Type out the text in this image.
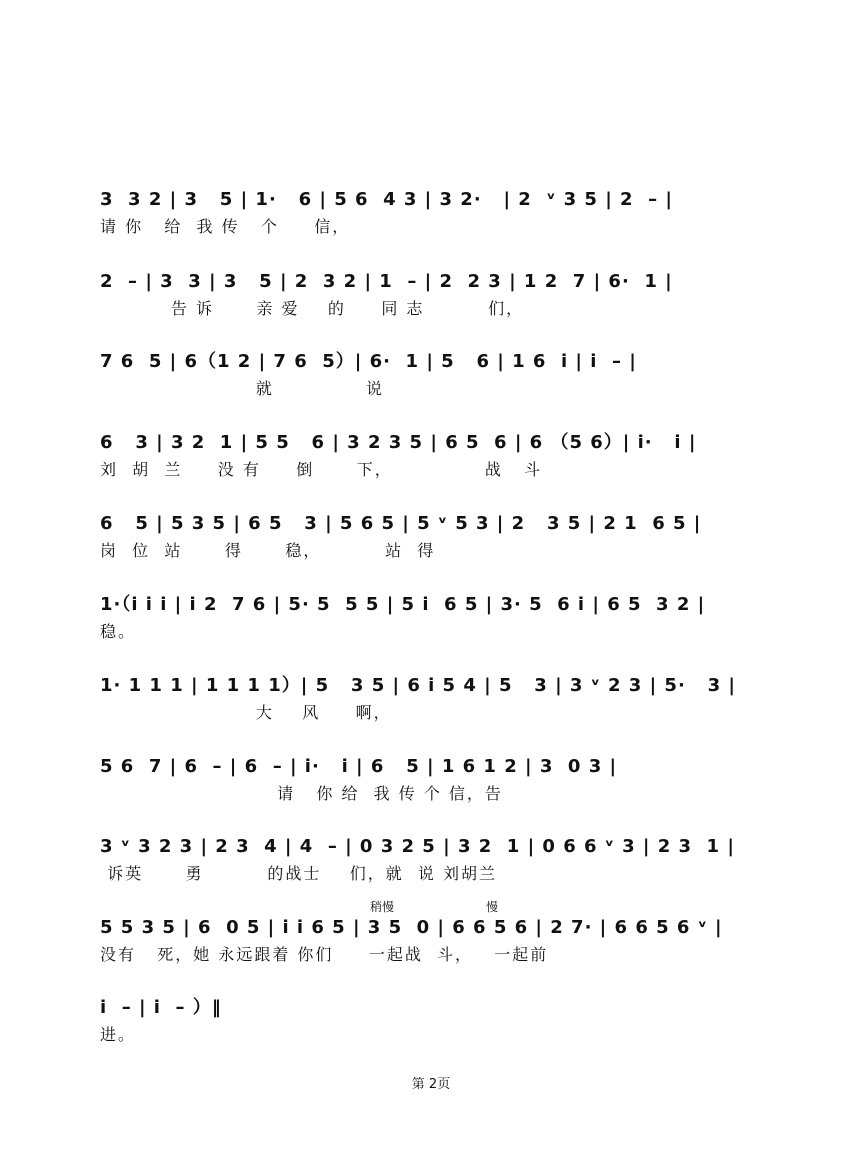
3  3 2 | 3   5 | 1·   6 | 5 6  4 3 | 3 2·   | 2  ᵛ 3 5 | 2  – |
请 你   给  我 传   个     信，
2  – | 3  3 | 3   5 | 2  3 2 | 1  – | 2  2 3 | 1 2  7 | 6·  1 |
告 诉      亲 爱    的     同 志         们，
7 6  5 | 6（1 2 | 7 6  5）| 6·  1 | 5   6 | 1 6  i | i  – |
就             说
6   3 | 3 2  1 | 5 5   6 | 3 2 3 5 | 6 5  6 | 6 （5 6）| i·   i |
刘  胡  兰     没 有     倒      下，             战   斗
6   5 | 5 3 5 | 6 5   3 | 5 6 5 | 5 ᵛ 5 3 | 2   3 5 | 2 1  6 5 |
岗  位  站      得      稳，         站  得
1·（i i i | i 2  7 6 | 5· 5  5 5 | 5 i  6 5 | 3· 5  6 i | 6 5  3 2 |
稳。
1· 1 1 1 | 1 1 1 1）| 5   3 5 | 6 i 5 4 | 5   3 | 3 ᵛ 2 3 | 5·   3 |
大    风     啊，
5 6  7 | 6  – | 6  – | i·   i | 6   5 | 1 6 1 2 | 3  0 3 |
请   你 给  我 传 个 信，告
3 ᵛ 3 2 3 | 2 3  4 | 4  – | 0 3 2 5 | 3 2  1 | 0 6 6 ᵛ 3 | 2 3  1 |
诉英      勇         的战士    们，就  说 刘胡兰
稍慢	慢
5 5 3 5 | 6  0 5 | i i 6 5 | 3 5  0 | 6 6 5 6 | 2 7· | 6 6 5 6 ᵛ |
没有   死，她 永远跟着 你们     一起战  斗，   一起前
i  – | i  – ）‖
进。
第 2页
